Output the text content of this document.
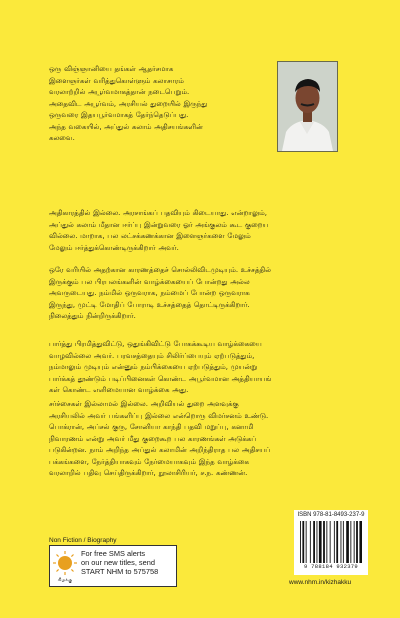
ஒரு விஞ்ஞானியை தங்கள் ஆதர்சமாக
இளைஞர்கள் வரித்துகொள்ளும் கலாசாரம்
வரலாற்றில் அபூர்வமாகத்தான் நடைபெறும்.
அதைவிட அபூர்வம், அரசியல் துறையில் இருந்து
ஒருவரை இதயபூர்வமாகத் தேர்ந்தெடுப்பது.
அந்த வகையில், அப்துல் கலாம் அதிசயங்களின்
கலவை.

அதிகாரத்தில் இல்லை. அரசாங்கப் பதவியும் கிடையாது. என்றாலும்,
அப்துல் கலாம் மீதான ஈர்ப்பு இன்றுவரை ஓர் அங்குலம் கூட குறைய
வில்லை. மாறாக, பல லட்சக்கணக்கான இளைஞர்களை மேலும்
மேலும் ஈர்த்துக்கொண்டிருக்கிறார் அவர்.

ஒரே வரியில் அதற்கான காரணத்தைச் சொல்லிவிடமுடியும். உச்சத்தில்
இருக்கும் பல பிரபலங்களின் வாழ்க்கையைப் போன்றது அல்ல
அவருடையது. நம்மில் ஒருவராக, நம்மைப் போன்ற ஒருவராக
இருந்து, முட்டி மோதிப் போராடி உச்சத்தைத் தொட்டிருக்கிறார்.
நிலைத்தும் நின்றிருக்கிறார்.

பார்த்து பிரமித்துவிட்டு, ஒதுங்கிவிட்டு போகக்கூடிய வாழ்க்கையை
வாழவில்லை அவர். பரவசத்தையும் சிலிர்ப்பையும் ஏற்படுத்தும்,
நம்மாலும் முடியும் என்னும் நம்பிக்கையை ஏற்படுத்தும், முயன்று
பார்க்கத் தூண்டும் படிப்பினைகள் கொண்ட அபூர்வமான அத்தியாயங்
கள் கொண்ட எளிமையான வாழ்க்கை அது.

சர்ச்சைகள் இல்லாமல் இல்லை. அறிவியல் துறை அளவுக்கு
அரசியலில் அவர் பங்களிப்பு இல்லை என்றொரு விமர்சனம் உண்டு.
பொக்ரான், அப்சல் குரு, சோனியா காந்தி பதவி மறுப்பு, கனாமி
நிவாரணம் என்று அவர் மீது குறைகூற பல காரணங்கள் அடுக்கப்
படுகின்றன. நாம் அறிந்த அப்துல் கலாமின் அறிந்திராத பல அதிசயப்
பக்கங்களை, நேர்த்தியாகவும் நேர்மையாகவும் இந்த வாழ்க்கை
வரலாறில் பதிவு செய்திருக்கிறார், நூலாசிரியர், ச.ந. கண்ணன்.

Non Fiction / Biography
கிழக்கு
For free SMS alerts
on our new titles, send
START NHM to 575758
ISBN 978-81-8493-237-9
9 788184 932379
www.nhm.in/kizhakku
